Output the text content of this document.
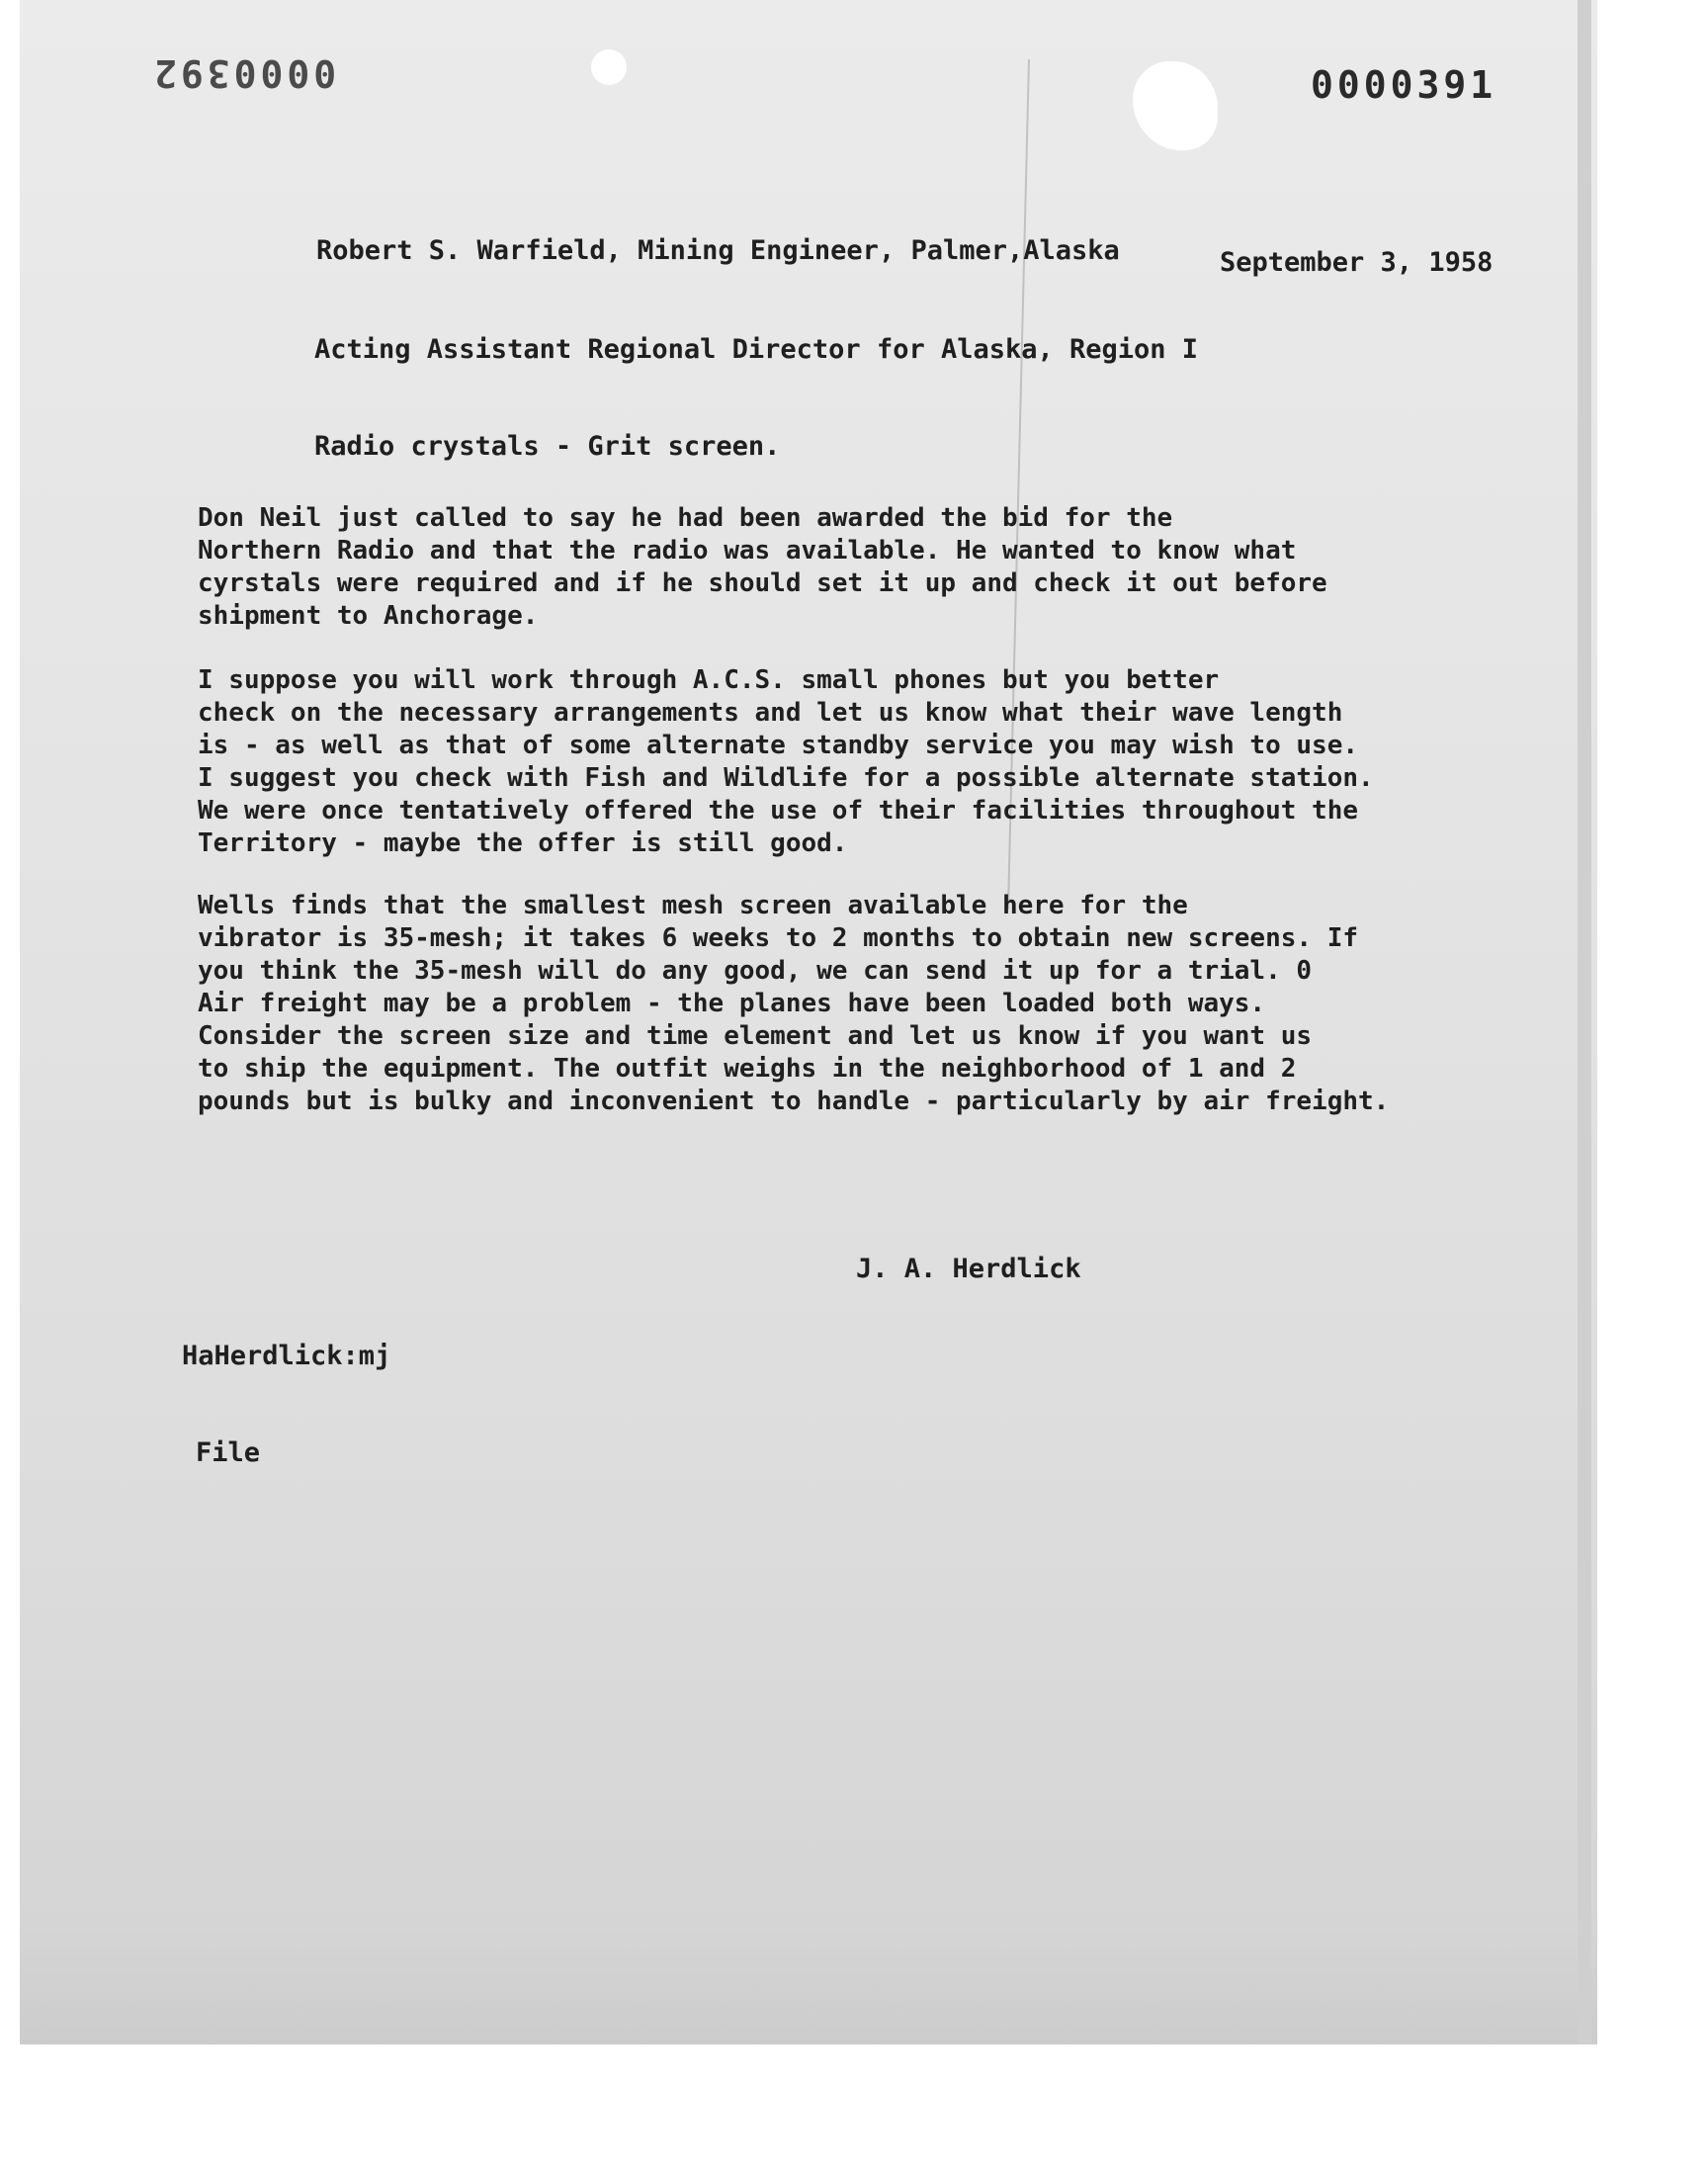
0000392	0000391
Robert S. Warfield, Mining Engineer, Palmer,Alaska	September 3, 1958
Acting Assistant Regional Director for Alaska, Region I
Radio crystals - Grit screen.
Don Neil just called to say he had been awarded the bid for the
Northern Radio and that the radio was available. He wanted to know what
cyrstals were required and if he should set it up and check it out before
shipment to Anchorage.
I suppose you will work through A.C.S. small phones but you better
check on the necessary arrangements and let us know what their wave length
is - as well as that of some alternate standby service you may wish to use.
I suggest you check with Fish and Wildlife for a possible alternate station.
We were once tentatively offered the use of their facilities throughout the
Territory - maybe the offer is still good.
Wells finds that the smallest mesh screen available here for the
vibrator is 35-mesh; it takes 6 weeks to 2 months to obtain new screens. If
you think the 35-mesh will do any good, we can send it up for a trial. 0
Air freight may be a problem - the planes have been loaded both ways.
Consider the screen size and time element and let us know if you want us
to ship the equipment. The outfit weighs in the neighborhood of 1 and 2
pounds but is bulky and inconvenient to handle - particularly by air freight.
J. A. Herdlick
HaHerdlick:mj
File
